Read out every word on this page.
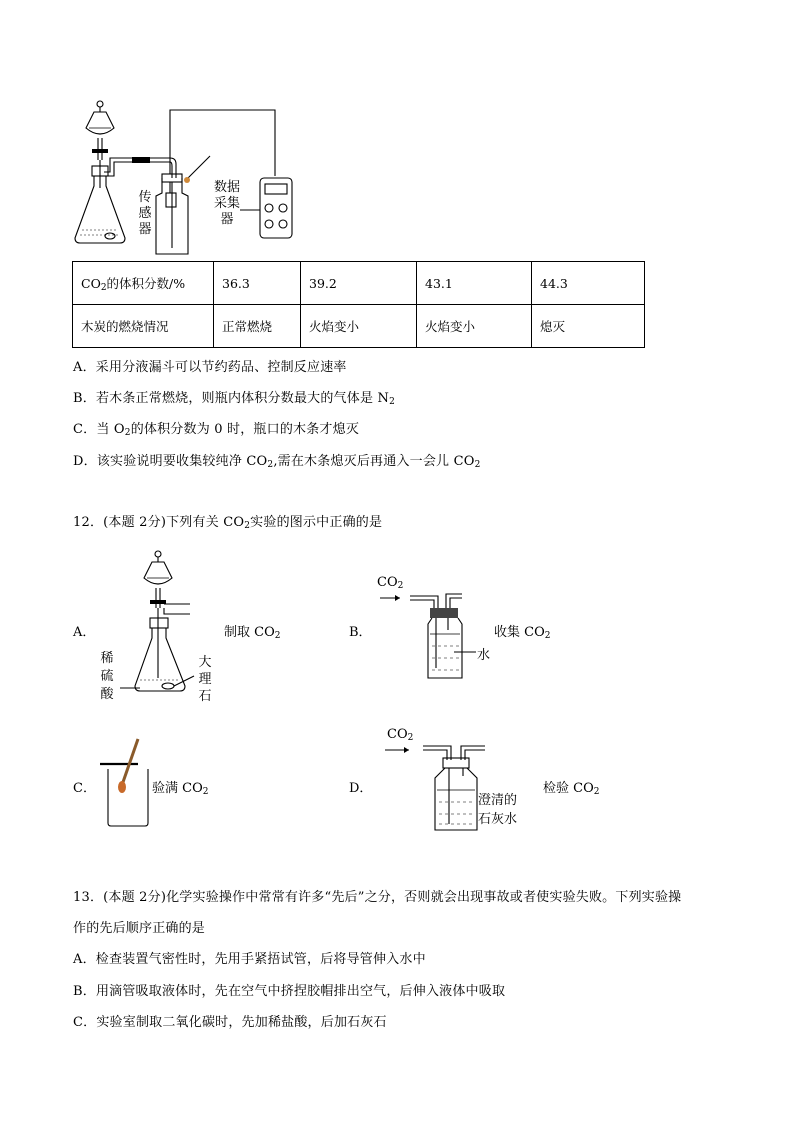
传感器
数据
采集
器
$CO_2$的体积分数/%	36.3	39.2	43.1	44.3
木炭的燃烧情况	正常燃烧	火焰变小	火焰变小	熄灭
A．采用分液漏斗可以节约药品、控制反应速率
B．若木条正常燃烧，则瓶内体积分数最大的气体是 $N_2$
C．当 $O_2$的体积分数为 0 时，瓶口的木条才熄灭
D．该实验说明要收集较纯净 $CO_2$,需在木条熄灭后再通入一会儿 $CO_2$
12．(本题 2分)下列有关 $CO_2$实验的图示中正确的是
A．	制取 $CO_2$
稀硫酸
大理石
B．
$CO_2$
收集 $CO_2$
水
C．	验满 $CO_2$	D．
$CO_2$
澄清的
石灰水
检验 $CO_2$
13．(本题 2分)化学实验操作中常常有许多“先后”之分，否则就会出现事故或者使实验失败。下列实验操
作的先后顺序正确的是
A．检查装置气密性时，先用手紧捂试管，后将导管伸入水中
B．用滴管吸取液体时，先在空气中挤捏胶帽排出空气，后伸入液体中吸取
C．实验室制取二氧化碳时，先加稀盐酸，后加石灰石
